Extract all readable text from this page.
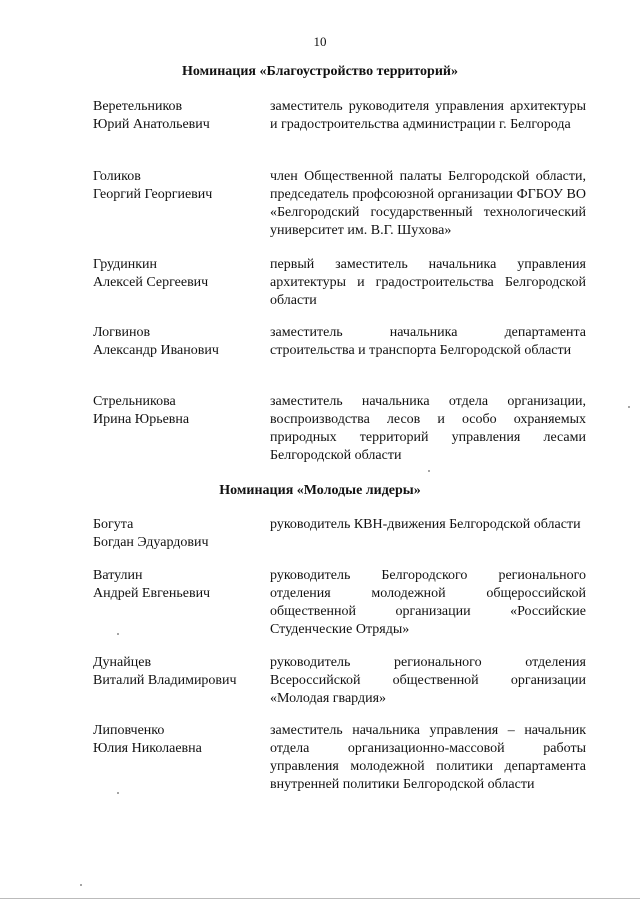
10
Номинация «Благоустройство территорий»
Веретельников
Юрий Анатольевич
заместитель руководителя управления архитектуры и градостроительства администрации г. Белгорода
Голиков
Георгий Георгиевич
член Общественной палаты Белгородской области, председатель профсоюзной организации ФГБОУ ВО «Белгородский государственный технологический университет им. В.Г. Шухова»
Грудинкин
Алексей Сергеевич
первый заместитель начальника управления архитектуры и градостроительства Белгородской области
Логвинов
Александр Иванович
заместитель начальника департамента строительства и транспорта Белгородской области
Стрельникова
Ирина Юрьевна
заместитель начальника отдела организации, воспроизводства лесов и особо охраняемых природных территорий управления лесами Белгородской области
Номинация «Молодые лидеры»
Богута
Богдан Эдуардович
руководитель КВН-движения Белгородской области
Ватулин
Андрей Евгеньевич
руководитель Белгородского регионального отделения молодежной общероссийской общественной организации «Российские Студенческие Отряды»
Дунайцев
Виталий Владимирович
руководитель регионального отделения Всероссийской общественной организации «Молодая гвардия»
Липовченко
Юлия Николаевна
заместитель начальника управления – начальник отдела организационно-массовой работы управления молодежной политики департамента внутренней политики Белгородской области
